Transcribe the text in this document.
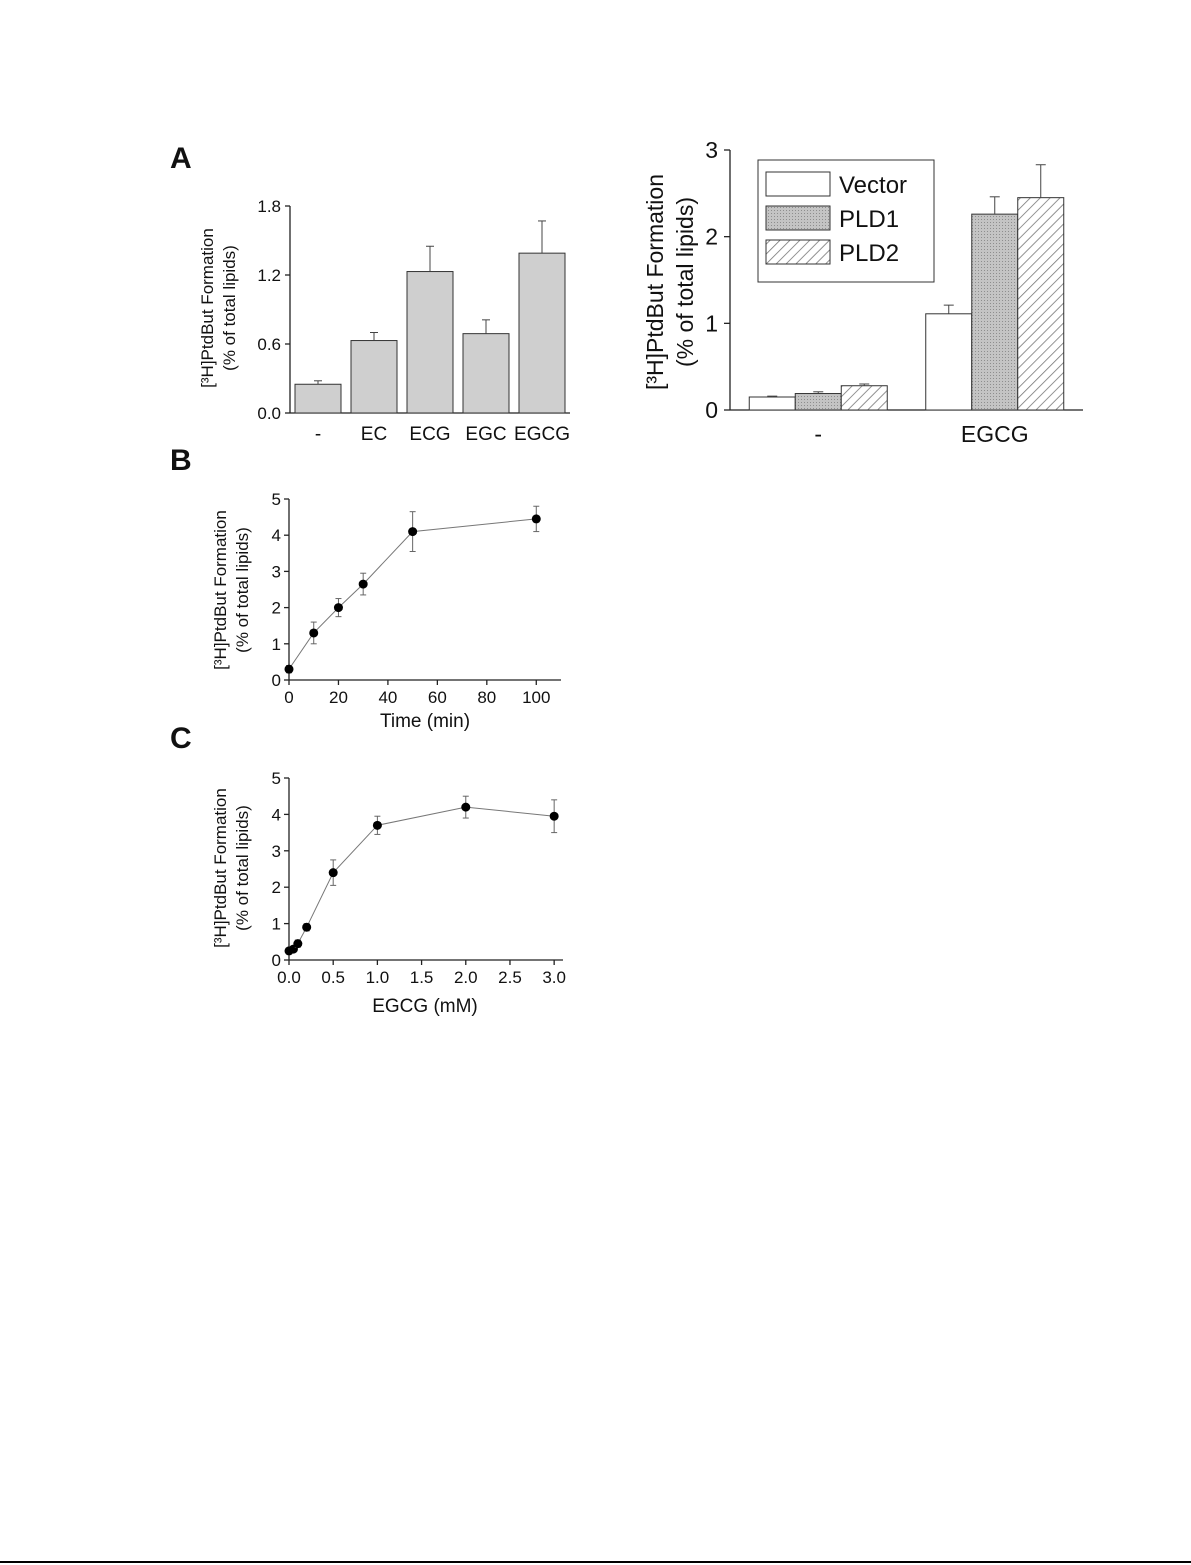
A
B
C
[³H]PtdBut Formation (% of total lipids)
0.0
0.6
1.2
1.8
- EC ECG EGC EGCG
[³H]PtdBut Formation (% of total lipids)
0
1
2
3
-	EGCG
Vector
PLD1
PLD2
[³H]PtdBut Formation (% of total lipids)
Time (min)
0
1
2
3
4
5
0 20 40 60 80 100
[³H]PtdBut Formation (% of total lipids)
EGCG (mM)
0
1
2
3
4
5
0.0 0.5 1.0 1.5 2.0 2.5 3.0
